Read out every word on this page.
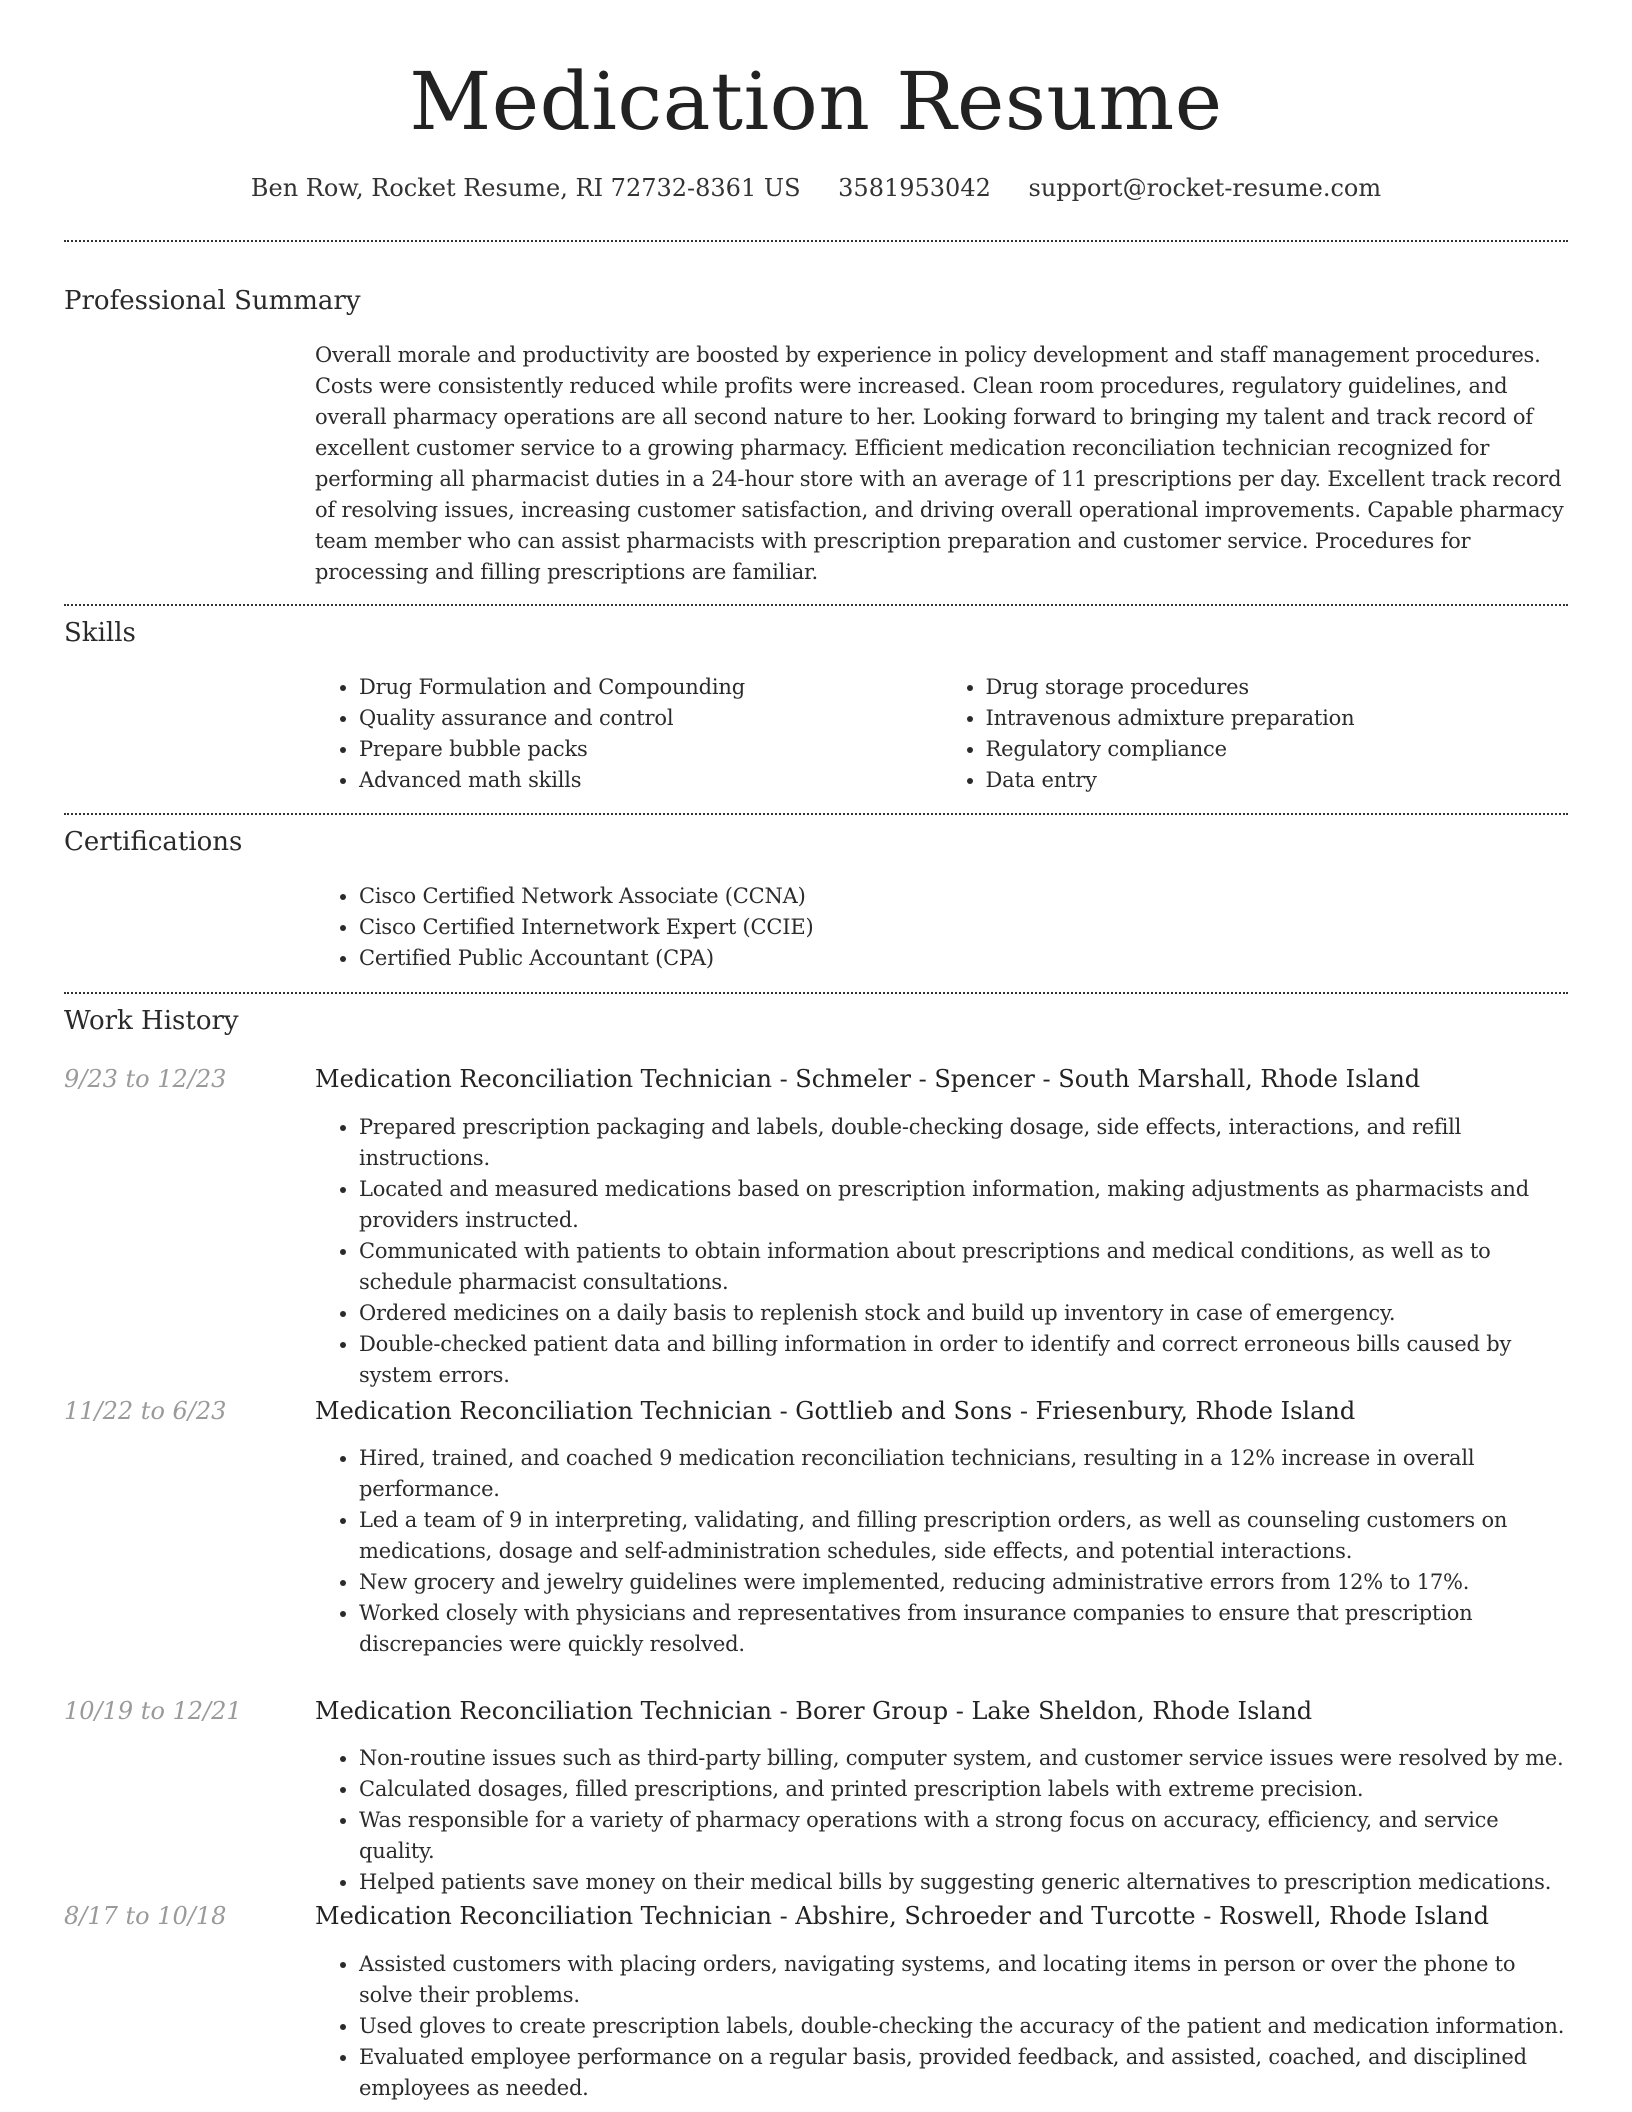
Medication Resume
Ben Row, Rocket Resume, RI 72732-8361 US 3581953042 support@rocket-resume.com
Professional Summary

Overall morale and productivity are boosted by experience in policy development and staff management procedures. Costs were consistently reduced while profits were increased. Clean room procedures, regulatory guidelines, and overall pharmacy operations are all second nature to her. Looking forward to bringing my talent and track record of excellent customer service to a growing pharmacy. Efficient medication reconciliation technician recognized for performing all pharmacist duties in a 24-hour store with an average of 11 prescriptions per day. Excellent track record of resolving issues, increasing customer satisfaction, and driving overall operational improvements. Capable pharmacy team member who can assist pharmacists with prescription preparation and customer service. Procedures for processing and filling prescriptions are familiar.

Skills
• Drug Formulation and Compounding
• Quality assurance and control
• Prepare bubble packs
• Advanced math skills
• Drug storage procedures
• Intravenous admixture preparation
• Regulatory compliance
• Data entry
Certifications
• Cisco Certified Network Associate (CCNA)
• Cisco Certified Internetwork Expert (CCIE)
• Certified Public Accountant (CPA)
Work History
9/23 to 12/23	Medication Reconciliation Technician - Schmeler - Spencer - South Marshall, Rhode Island
• Prepared prescription packaging and labels, double-checking dosage, side effects, interactions, and refill instructions.
• Located and measured medications based on prescription information, making adjustments as pharmacists and providers instructed.
• Communicated with patients to obtain information about prescriptions and medical conditions, as well as to schedule pharmacist consultations.
• Ordered medicines on a daily basis to replenish stock and build up inventory in case of emergency.
• Double-checked patient data and billing information in order to identify and correct erroneous bills caused by system errors.
11/22 to 6/23	Medication Reconciliation Technician - Gottlieb and Sons - Friesenbury, Rhode Island
• Hired, trained, and coached 9 medication reconciliation technicians, resulting in a 12% increase in overall performance.
• Led a team of 9 in interpreting, validating, and filling prescription orders, as well as counseling customers on medications, dosage and self-administration schedules, side effects, and potential interactions.
• New grocery and jewelry guidelines were implemented, reducing administrative errors from 12% to 17%.
• Worked closely with physicians and representatives from insurance companies to ensure that prescription discrepancies were quickly resolved.
10/19 to 12/21	Medication Reconciliation Technician - Borer Group - Lake Sheldon, Rhode Island
• Non-routine issues such as third-party billing, computer system, and customer service issues were resolved by me.
• Calculated dosages, filled prescriptions, and printed prescription labels with extreme precision.
• Was responsible for a variety of pharmacy operations with a strong focus on accuracy, efficiency, and service quality.
• Helped patients save money on their medical bills by suggesting generic alternatives to prescription medications.
8/17 to 10/18	Medication Reconciliation Technician - Abshire, Schroeder and Turcotte - Roswell, Rhode Island
• Assisted customers with placing orders, navigating systems, and locating items in person or over the phone to solve their problems.
• Used gloves to create prescription labels, double-checking the accuracy of the patient and medication information.
• Evaluated employee performance on a regular basis, provided feedback, and assisted, coached, and disciplined employees as needed.
